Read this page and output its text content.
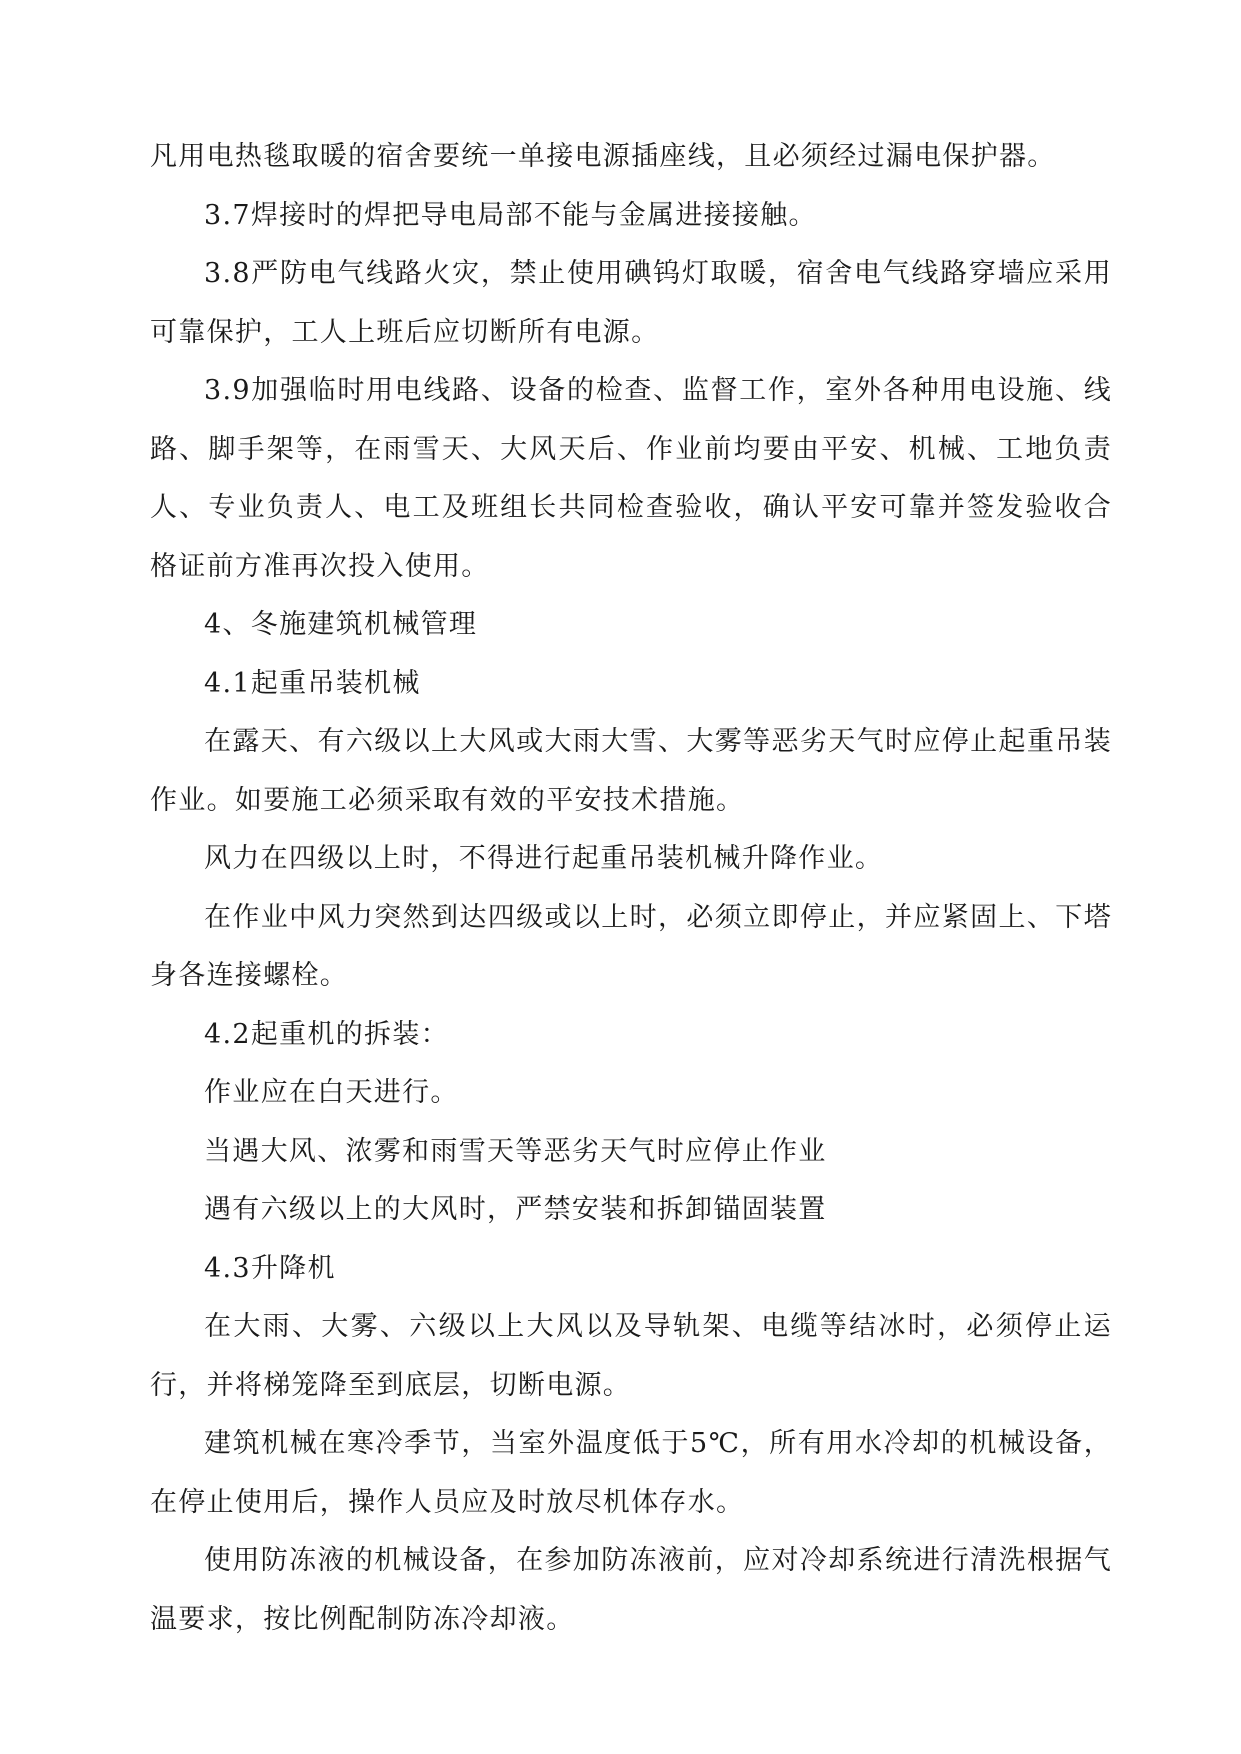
凡用电热毯取暖的宿舍要统一单接电源插座线，且必须经过漏电保护器。

3.7焊接时的焊把导电局部不能与金属进接接触。

3.8严防电气线路火灾，禁止使用碘钨灯取暖，宿舍电气线路穿墙应采用可靠保护，工人上班后应切断所有电源。

3.9加强临时用电线路、设备的检查、监督工作，室外各种用电设施、线路、脚手架等，在雨雪天、大风天后、作业前均要由平安、机械、工地负责人、专业负责人、电工及班组长共同检查验收，确认平安可靠并签发验收合格证前方准再次投入使用。

4、冬施建筑机械管理

4.1起重吊装机械

在露天、有六级以上大风或大雨大雪、大雾等恶劣天气时应停止起重吊装作业。如要施工必须采取有效的平安技术措施。

风力在四级以上时，不得进行起重吊装机械升降作业。

在作业中风力突然到达四级或以上时，必须立即停止，并应紧固上、下塔身各连接螺栓。

4.2起重机的拆装：

作业应在白天进行。

当遇大风、浓雾和雨雪天等恶劣天气时应停止作业

遇有六级以上的大风时，严禁安装和拆卸锚固装置

4.3升降机

在大雨、大雾、六级以上大风以及导轨架、电缆等结冰时，必须停止运行，并将梯笼降至到底层，切断电源。

建筑机械在寒冷季节，当室外温度低于5℃，所有用水冷却的机械设备，在停止使用后，操作人员应及时放尽机体存水。

使用防冻液的机械设备，在参加防冻液前，应对冷却系统进行清洗根据气温要求，按比例配制防冻冷却液。
